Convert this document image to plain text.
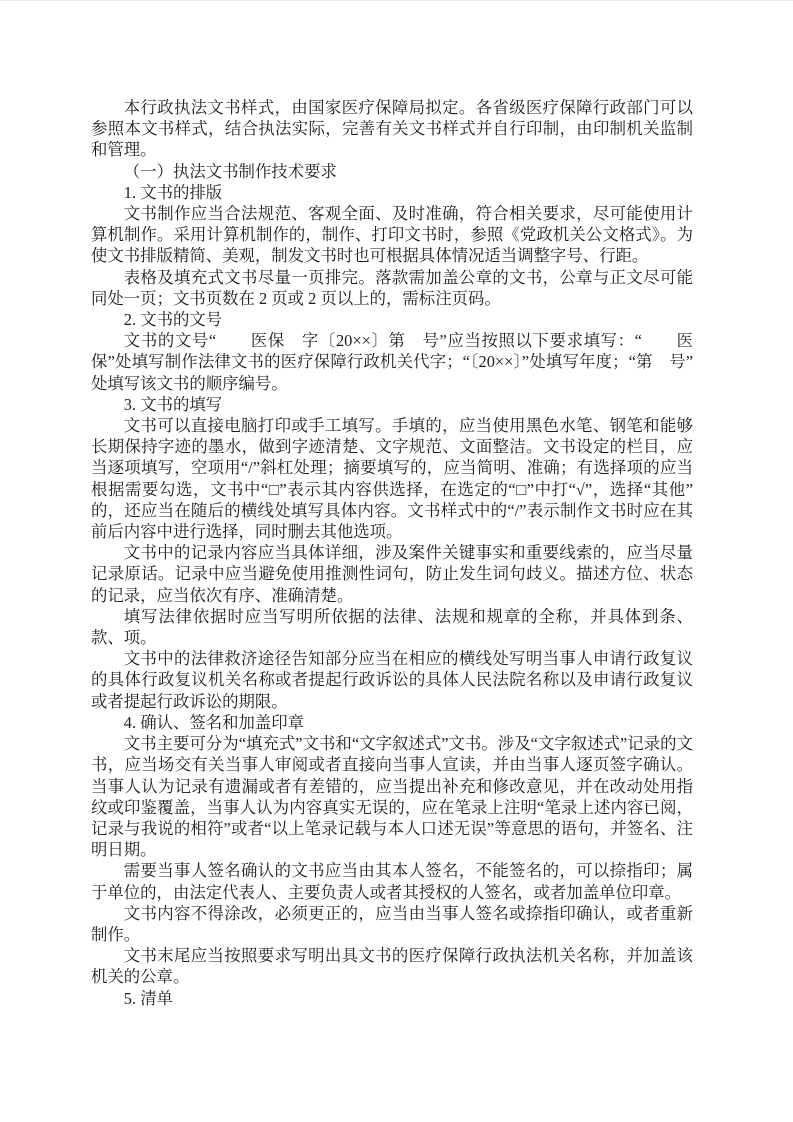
本行政执法文书样式，由国家医疗保障局拟定。各省级医疗保障行政部门可以参照本文书样式，结合执法实际，完善有关文书样式并自行印制，由印制机关监制和管理。

（一）执法文书制作技术要求

1. 文书的排版

文书制作应当合法规范、客观全面、及时准确，符合相关要求，尽可能使用计算机制作。采用计算机制作的，制作、打印文书时，参照《党政机关公文格式》。为使文书排版精简、美观，制发文书时也可根据具体情况适当调整字号、行距。

表格及填充式文书尽量一页排完。落款需加盖公章的文书，公章与正文尽可能同处一页；文书页数在 2 页或 2 页以上的，需标注页码。

2. 文书的文号

文书的文号“　　医保　字〔20××〕第　号”应当按照以下要求填写：“　　医保”处填写制作法律文书的医疗保障行政机关代字；“〔20××〕”处填写年度；“第　号”处填写该文书的顺序编号。

3. 文书的填写

文书可以直接电脑打印或手工填写。手填的，应当使用黑色水笔、钢笔和能够长期保持字迹的墨水，做到字迹清楚、文字规范、文面整洁。文书设定的栏目，应当逐项填写，空项用“/”斜杠处理；摘要填写的，应当简明、准确；有选择项的应当根据需要勾选，文书中“□”表示其内容供选择，在选定的“□”中打“√”，选择“其他”的，还应当在随后的横线处填写具体内容。文书样式中的“/”表示制作文书时应在其前后内容中进行选择，同时删去其他选项。

文书中的记录内容应当具体详细，涉及案件关键事实和重要线索的，应当尽量记录原话。记录中应当避免使用推测性词句，防止发生词句歧义。描述方位、状态的记录，应当依次有序、准确清楚。

填写法律依据时应当写明所依据的法律、法规和规章的全称，并具体到条、款、项。

文书中的法律救济途径告知部分应当在相应的横线处写明当事人申请行政复议的具体行政复议机关名称或者提起行政诉讼的具体人民法院名称以及申请行政复议或者提起行政诉讼的期限。

4. 确认、签名和加盖印章

文书主要可分为“填充式”文书和“文字叙述式”文书。涉及“文字叙述式”记录的文书，应当场交有关当事人审阅或者直接向当事人宣读，并由当事人逐页签字确认。当事人认为记录有遗漏或者有差错的，应当提出补充和修改意见，并在改动处用指纹或印鉴覆盖，当事人认为内容真实无误的，应在笔录上注明“笔录上述内容已阅，记录与我说的相符”或者“以上笔录记载与本人口述无误”等意思的语句，并签名、注明日期。

需要当事人签名确认的文书应当由其本人签名，不能签名的，可以捺指印；属于单位的，由法定代表人、主要负责人或者其授权的人签名，或者加盖单位印章。

文书内容不得涂改，必须更正的，应当由当事人签名或捺指印确认，或者重新制作。

文书末尾应当按照要求写明出具文书的医疗保障行政执法机关名称，并加盖该机关的公章。

5. 清单
